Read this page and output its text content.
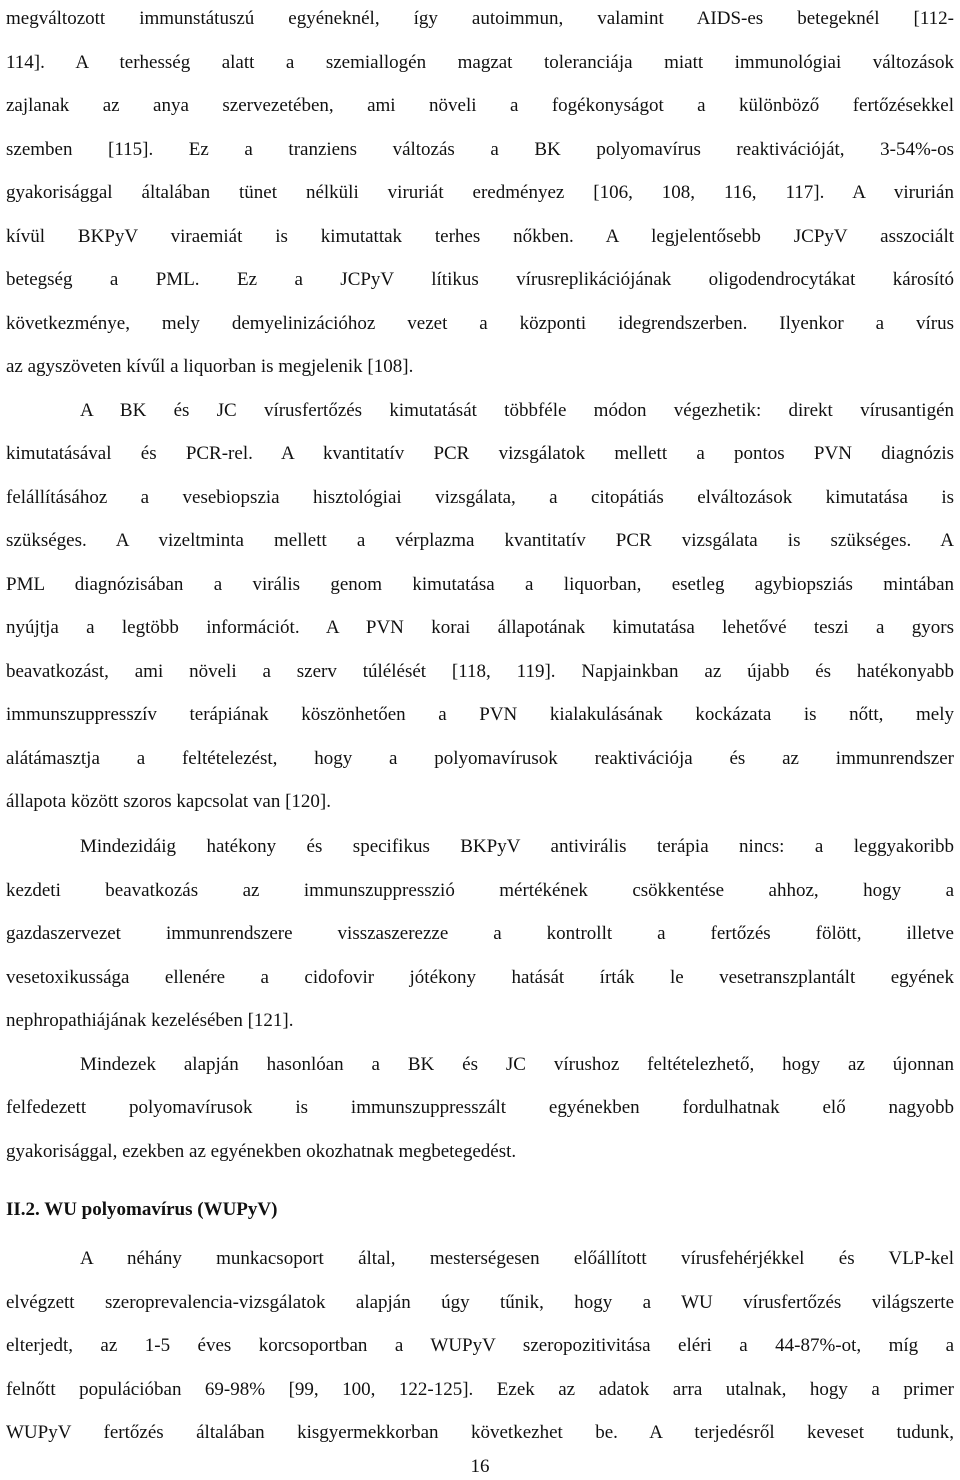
megváltozott immunstátuszú egyéneknél, így autoimmun, valamint AIDS-es betegeknél [112-
114]. A terhesség alatt a szemiallogén magzat toleranciája miatt immunológiai változások
zajlanak az anya szervezetében, ami növeli a fogékonyságot a különböző fertőzésekkel
szemben [115]. Ez a tranziens változás a BK polyomavírus reaktivációját, 3-54%-os
gyakorisággal általában tünet nélküli viruriát eredményez [106, 108, 116, 117]. A virurián
kívül BKPyV viraemiát is kimutattak terhes nőkben. A legjelentősebb JCPyV asszociált
betegség a PML. Ez a JCPyV lítikus vírusreplikációjának oligodendrocytákat károsító
következménye, mely demyelinizációhoz vezet a központi idegrendszerben. Ilyenkor a vírus
az agyszöveten kívűl a liquorban is megjelenik [108].
A BK és JC vírusfertőzés kimutatását többféle módon végezhetik: direkt vírusantigén
kimutatásával és PCR-rel. A kvantitatív PCR vizsgálatok mellett a pontos PVN diagnózis
felállításához a vesebiopszia hisztológiai vizsgálata, a citopátiás elváltozások kimutatása is
szükséges. A vizeltminta mellett a vérplazma kvantitatív PCR vizsgálata is szükséges. A
PML diagnózisában a virális genom kimutatása a liquorban, esetleg agybiopsziás mintában
nyújtja a legtöbb információt. A PVN korai állapotának kimutatása lehetővé teszi a gyors
beavatkozást, ami növeli a szerv túlélését [118, 119]. Napjainkban az újabb és hatékonyabb
immunszuppresszív terápiának köszönhetően a PVN kialakulásának kockázata is nőtt, mely
alátámasztja a feltételezést, hogy a polyomavírusok reaktivációja és az immunrendszer
állapota között szoros kapcsolat van [120].
Mindezidáig hatékony és specifikus BKPyV antivirális terápia nincs: a leggyakoribb
kezdeti beavatkozás az immunszuppresszió mértékének csökkentése ahhoz, hogy a
gazdaszervezet immunrendszere visszaszerezze a kontrollt a fertőzés fölött, illetve
vesetoxikussága ellenére a cidofovir jótékony hatását írták le vesetranszplantált egyének
nephropathiájának kezelésében [121].
Mindezek alapján hasonlóan a BK és JC vírushoz feltételezhető, hogy az újonnan
felfedezett polyomavírusok is immunszuppresszált egyénekben fordulhatnak elő nagyobb
gyakorisággal, ezekben az egyénekben okozhatnak megbetegedést.
II.2. WU polyomavírus (WUPyV)
A néhány munkacsoport által, mesterségesen előállított vírusfehérjékkel és VLP-kel
elvégzett szeroprevalencia-vizsgálatok alapján úgy tűnik, hogy a WU vírusfertőzés világszerte
elterjedt, az 1-5 éves korcsoportban a WUPyV szeropozitivitása eléri a 44-87%-ot, míg a
felnőtt populációban 69-98% [99, 100, 122-125]. Ezek az adatok arra utalnak, hogy a primer
WUPyV fertőzés általában kisgyermekkorban következhet be. A terjedésről keveset tudunk,
16
